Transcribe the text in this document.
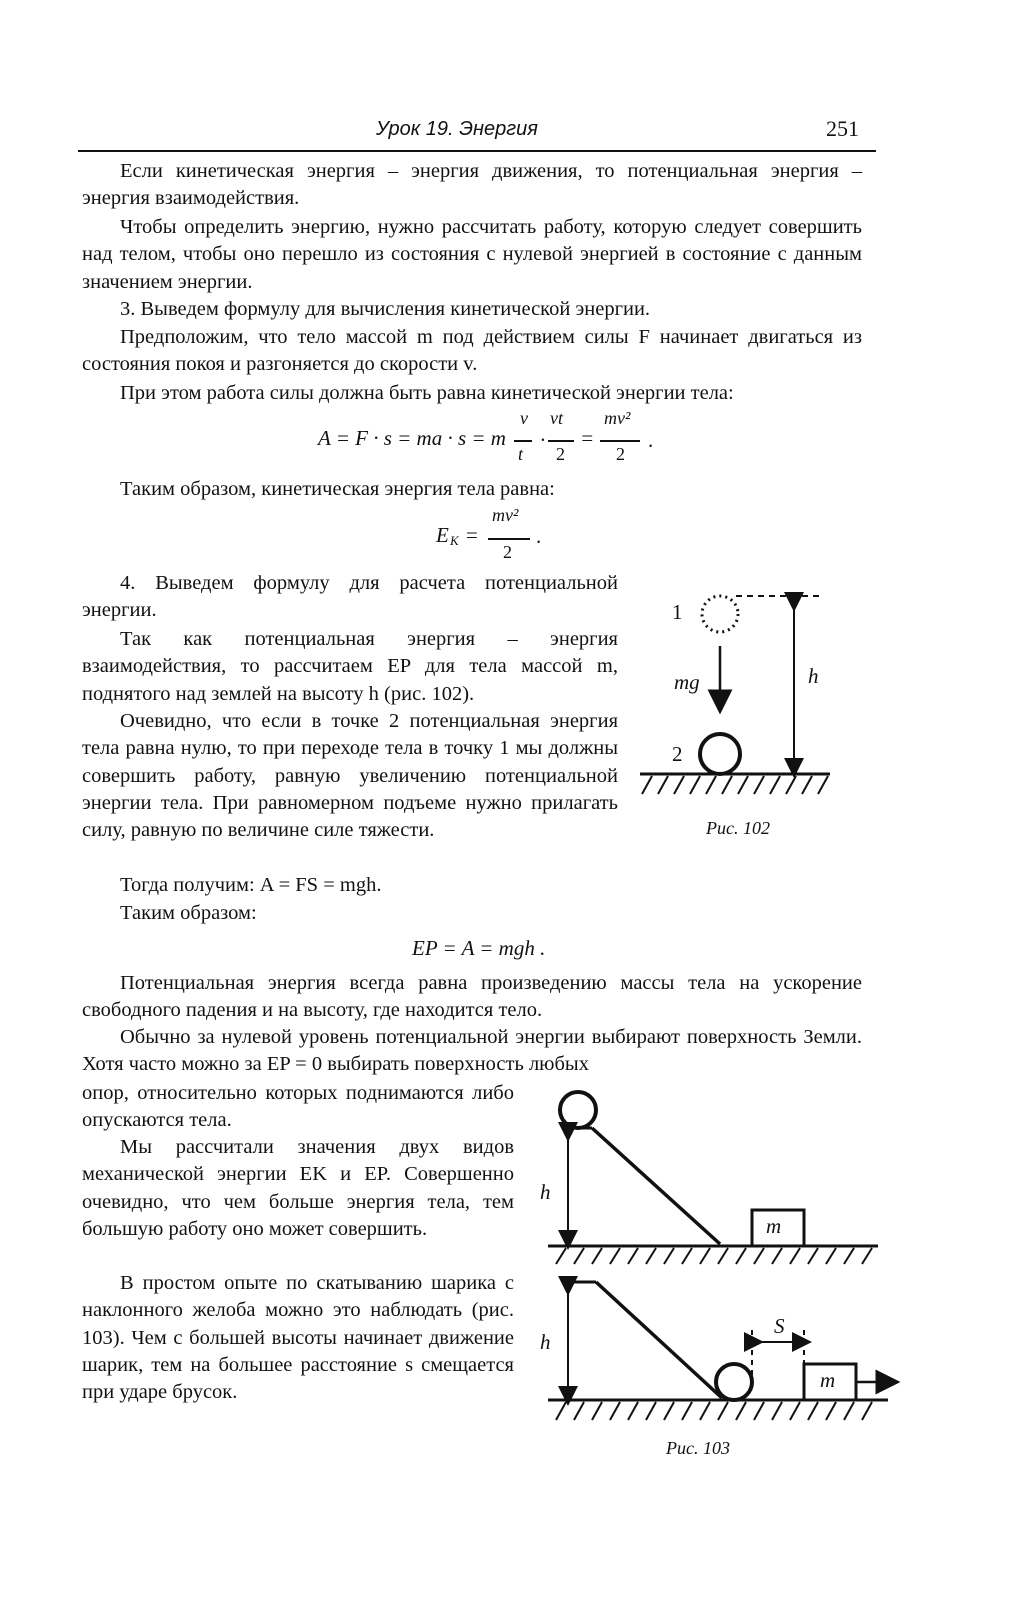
Урок 19. Энергия	251
Если кинетическая энергия – энергия движения, то потенциальная энергия – энергия взаимодействия.
Чтобы определить энергию, нужно рассчитать работу, которую следует совершить над телом, чтобы оно перешло из состояния с нулевой энергией в состояние с данным значением энергии.
3. Выведем формулу для вычисления кинетической энергии.
Предположим, что тело массой m под действием силы F начинает двигаться из состояния покоя и разгоняется до скорости v.
При этом работа силы должна быть равна кинетической энергии тела:
A = F · s = ma · s = m
v
t
·
vt
2
=
mv²
2
.
Таким образом, кинетическая энергия тела равна:
E K =
mv²
2
.
4. Выведем формулу для расчета потенциальной энергии.
Так как потенциальная энергия – энергия взаимодействия, то рассчитаем EP для тела массой m, поднятого над землей на высоту h (рис. 102).
Очевидно, что если в точке 2 потенциальная энергия тела равна нулю, то при переходе тела в точку 1 мы должны совершить работу, равную увеличению потенциальной энергии тела. При равномерном подъеме нужно прилагать силу, равную по величине силе тяжести.
Тогда получим: A = FS = mgh.
Таким образом:
EP = A = mgh .
Потенциальная энергия всегда равна произведению массы тела на ускорение свободного падения и на высоту, где находится тело.
Обычно за нулевой уровень потенциальной энергии выбирают поверхность Земли. Хотя часто можно за EP = 0 выбирать поверхность любых
опор, относительно которых поднимаются либо опускаются тела.
Мы рассчитали значения двух видов механической энергии EK и EP. Совершенно очевидно, что чем больше энергия тела, тем большую работу оно может совершить.
В простом опыте по скатыванию шарика с наклонного желоба можно это наблюдать (рис. 103). Чем с большей высоты начинает движение шарик, тем на большее расстояние s смещается при ударе брусок.
1
2
mg	h
Рис. 102
h
h
m
m
S
Рис. 103
